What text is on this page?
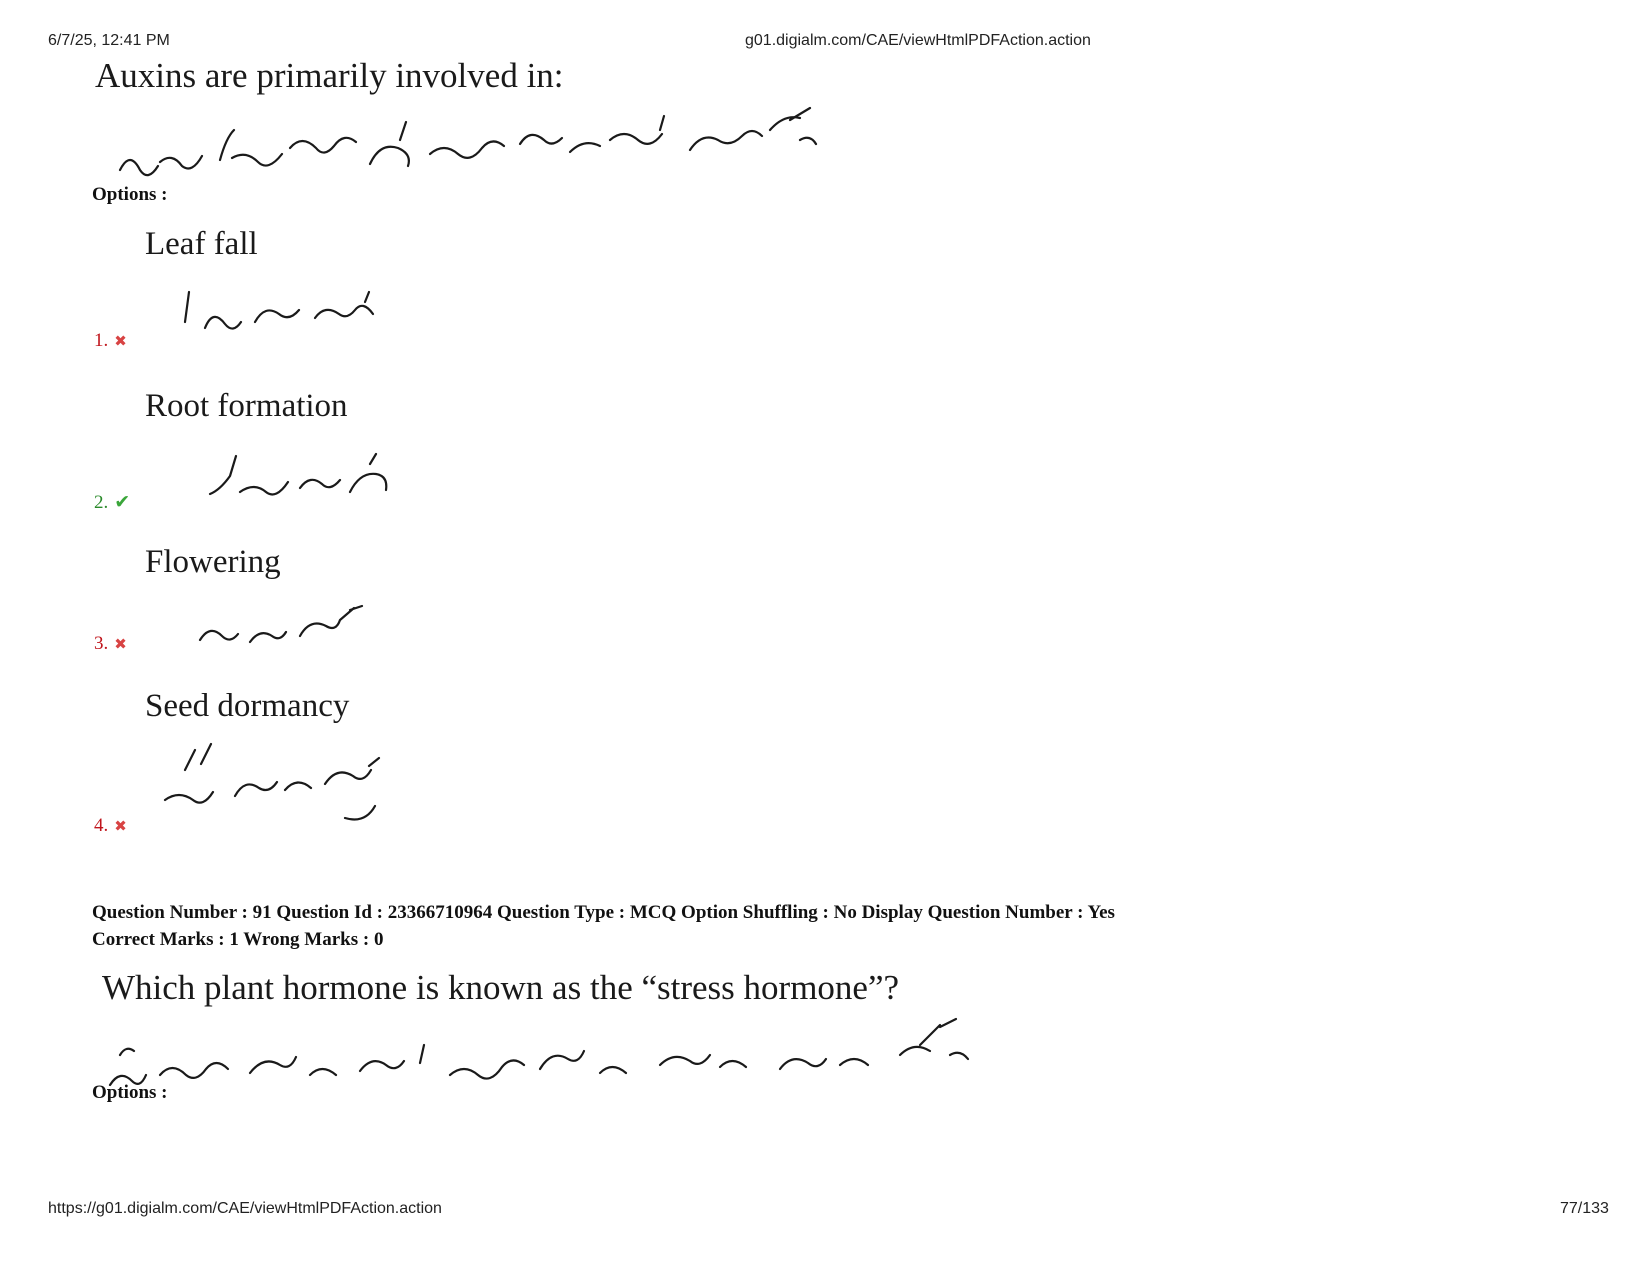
6/7/25, 12:41 PM	g01.digialm.com/CAE/viewHtmlPDFAction.action
Auxins are primarily involved in:
Options :
Leaf fall
1. ✖
Root formation
2. ✔
Flowering
3. ✖
Seed dormancy
4. ✖
Question Number : 91 Question Id : 23366710964 Question Type : MCQ Option Shuffling : No Display Question Number : Yes
Correct Marks : 1 Wrong Marks : 0
Which plant hormone is known as the “stress hormone”?
Options :
https://g01.digialm.com/CAE/viewHtmlPDFAction.action	77/133
